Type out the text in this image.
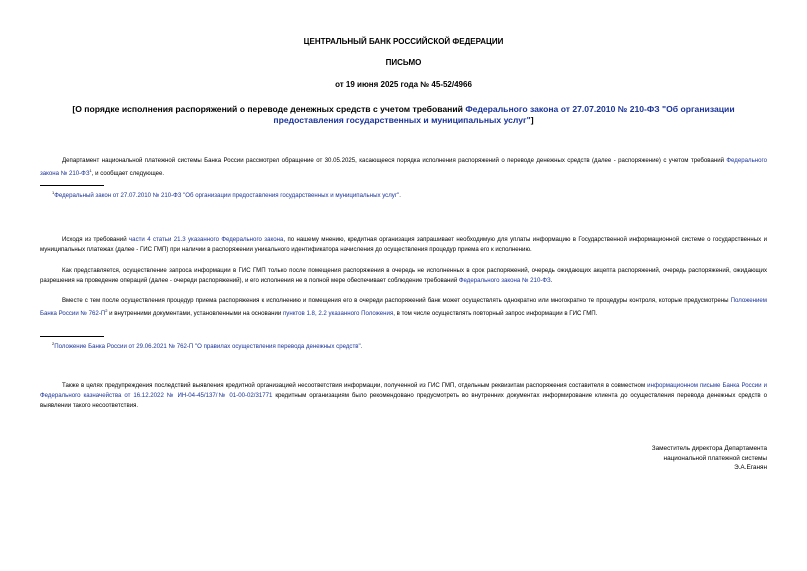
ЦЕНТРАЛЬНЫЙ БАНК РОССИЙСКОЙ ФЕДЕРАЦИИ
ПИСЬМО
от 19 июня 2025 года № 45-52/4966
[О порядке исполнения распоряжений о переводе денежных средств с учетом требований Федерального закона от 27.07.2010 № 210-ФЗ "Об организации предоставления государственных и муниципальных услуг"]
Департамент национальной платежной системы Банка России рассмотрел обращение от 30.05.2025, касающееся порядка исполнения распоряжений о переводе денежных средств (далее - распоряжение) с учетом требований Федерального закона № $210-ФЗ^1$, и сообщает следующее.
$^1$Федеральный закон от 27.07.2010 № 210-ФЗ "Об организации предоставления государственных и муниципальных услуг".
Исходя из требований части 4 статьи 21.3 указанного Федерального закона, по нашему мнению, кредитная организация запрашивает необходимую для уплаты информацию в Государственной информационной системе о государственных и муниципальных платежах (далее - ГИС ГМП) при наличии в распоряжении уникального идентификатора начисления до осуществления процедур приема его к исполнению.
Как представляется, осуществление запроса информации в ГИС ГМП только после помещения распоряжения в очередь не исполненных в срок распоряжений, очередь ожидающих акцепта распоряжений, очередь распоряжений, ожидающих разрешения на проведение операций (далее - очереди распоряжений), и его исполнения не в полной мере обеспечивает соблюдение требований Федерального закона № 210-ФЗ.
Вместе с тем после осуществления процедур приема распоряжения к исполнению и помещения его в очереди распоряжений банк может осуществлять однократно или многократно те процедуры контроля, которые предусмотрены Положением Банка России № $762-П^2$ и внутренними документами, установленными на основании пунктов 1.8, 2.2 указанного Положения, в том числе осуществлять повторный запрос информации в ГИС ГМП.
$^2$Положение Банка России от 29.06.2021 № 762-П "О правилах осуществления перевода денежных средств".
Также в целях предупреждения последствий выявления кредитной организацией несоответствия информации, полученной из ГИС ГМП, отдельным реквизитам распоряжения составителя в совместном информационном письме Банка России и Федерального казначейства от 16.12.2022 № ИН-04-45/137/№ 01-00-02/31771 кредитным организациям было рекомендовано предусмотреть во внутренних документах информирование клиента до осуществления перевода денежных средств о выявлении такого несоответствия.
Заместитель директора Департамента
национальной платежной системы
Э.А.Еганян
